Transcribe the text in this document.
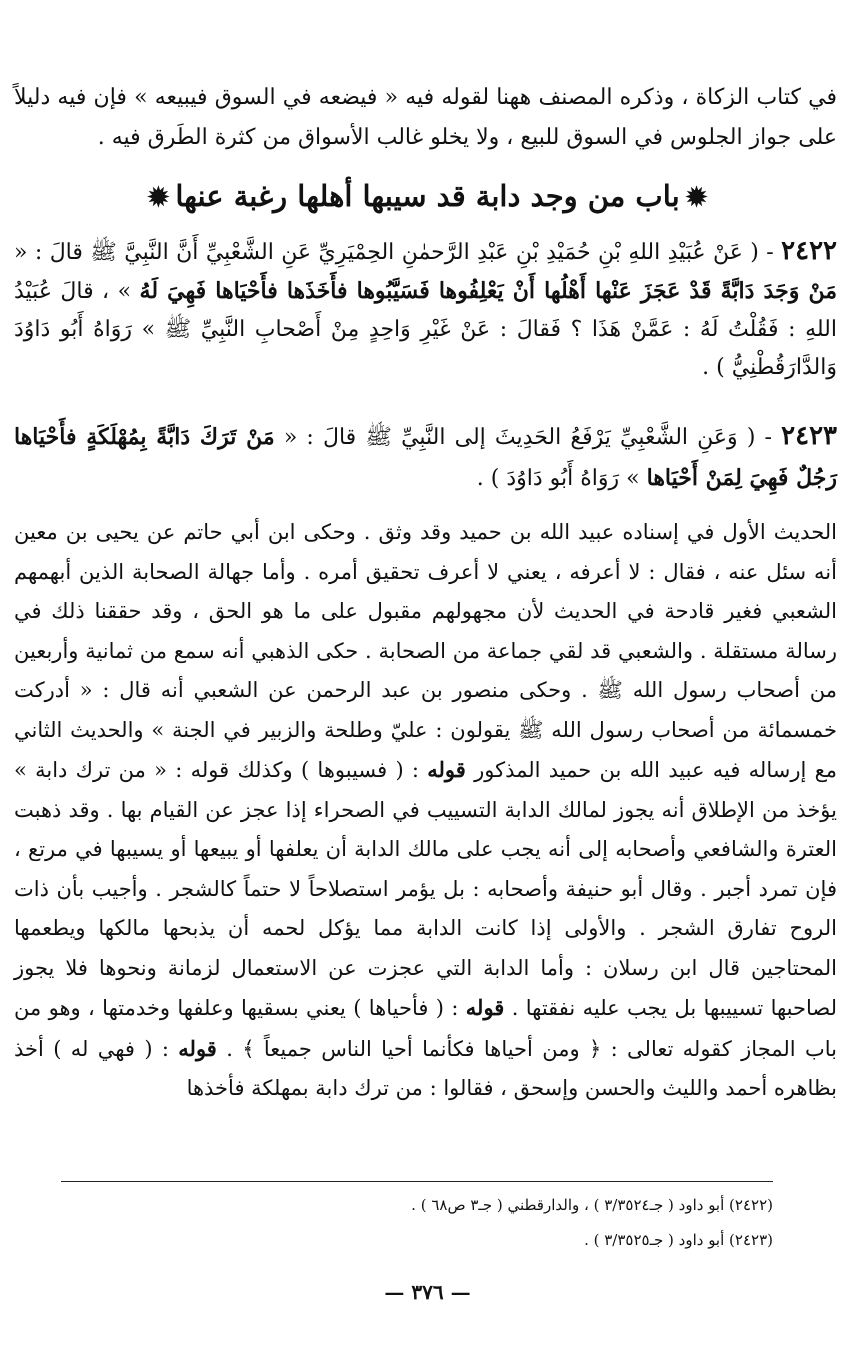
في كتاب الزكاة ، وذكره المصنف ههنا لقوله فيه « فيضعه في السوق فيبيعه » فإن فيه دليلاً على جواز الجلوس في السوق للبيع ، ولا يخلو غالب الأسواق من كثرة الطَرق فيه .
✹باب من وجد دابة قد سيبها أهلها رغبة عنها✹
٢٤٢٢ - ( عَنْ عُبَيْدِ اللهِ بْنِ حُمَيْدِ بْنِ عَبْدِ الرَّحمٰنِ الحِمْيَرِيِّ عَنِ الشَّعْبِيِّ أَنَّ النَّبِيَّ ﷺ قالَ : « مَنْ وَجَدَ دَابَّةً قَدْ عَجَزَ عَنْها أَهْلُها أَنْ يَعْلِفُوها فَسَيَّبُوها فأَخَذَها فأَحْيَاها فَهِيَ لَهُ » ، قالَ عُبَيْدُ اللهِ : فَقُلْتُ لَهُ : عَمَّنْ هَذَا ؟ فَقالَ : عَنْ غَيْرِ وَاحِدٍ مِنْ أَصْحابِ النَّبِيِّ ﷺ » رَوَاهُ أَبُو دَاوُدَ وَالدَّارَقُطْنِيُّ ) .
٢٤٢٣ - ( وَعَنِ الشَّعْبِيِّ يَرْفَعُ الحَدِيثَ إلى النَّبِيِّ ﷺ قالَ : « مَنْ تَرَكَ دَابَّةً بِمُهْلَكَةٍ فأَحْيَاها رَجُلٌ فَهِيَ لِمَنْ أَحْيَاها » رَوَاهُ أَبُو دَاوُدَ ) .
الحديث الأول في إسناده عبيد الله بن حميد وقد وثق . وحكى ابن أبي حاتم عن يحيى بن معين أنه سئل عنه ، فقال : لا أعرفه ، يعني لا أعرف تحقيق أمره . وأما جهالة الصحابة الذين أبهمهم الشعبي فغير قادحة في الحديث لأن مجهولهم مقبول على ما هو الحق ، وقد حققنا ذلك في رسالة مستقلة . والشعبي قد لقي جماعة من الصحابة . حكى الذهبي أنه سمع من ثمانية وأربعين من أصحاب رسول الله ﷺ . وحكى منصور بن عبد الرحمن عن الشعبي أنه قال : « أدركت خمسمائة من أصحاب رسول الله ﷺ يقولون : عليّ وطلحة والزبير في الجنة » والحديث الثاني مع إرساله فيه عبيد الله بن حميد المذكور قوله : ( فسيبوها ) وكذلك قوله : « من ترك دابة » يؤخذ من الإطلاق أنه يجوز لمالك الدابة التسييب في الصحراء إذا عجز عن القيام بها . وقد ذهبت العترة والشافعي وأصحابه إلى أنه يجب على مالك الدابة أن يعلفها أو يبيعها أو يسيبها في مرتع ، فإن تمرد أجبر . وقال أبو حنيفة وأصحابه : بل يؤمر استصلاحاً لا حتماً كالشجر . وأجيب بأن ذات الروح تفارق الشجر . والأولى إذا كانت الدابة مما يؤكل لحمه أن يذبحها مالكها ويطعمها المحتاجين قال ابن رسلان : وأما الدابة التي عجزت عن الاستعمال لزمانة ونحوها فلا يجوز لصاحبها تسييبها بل يجب عليه نفقتها . قوله : ( فأحياها ) يعني بسقيها وعلفها وخدمتها ، وهو من باب المجاز كقوله تعالى : ﴿ ومن أحياها فكأنما أحيا الناس جميعاً ﴾ . قوله : ( فهي له ) أخذ بظاهره أحمد والليث والحسن وإسحق ، فقالوا : من ترك دابة بمهلكة فأخذها
(٢٤٢٢) أبو داود ( جـ٣/٣٥٢٤ ) ، والدارقطني ( جـ٣ ص٦٨ ) .
(٢٤٢٣) أبو داود ( جـ٣/٣٥٢٥ ) .
— ٣٧٦ —
